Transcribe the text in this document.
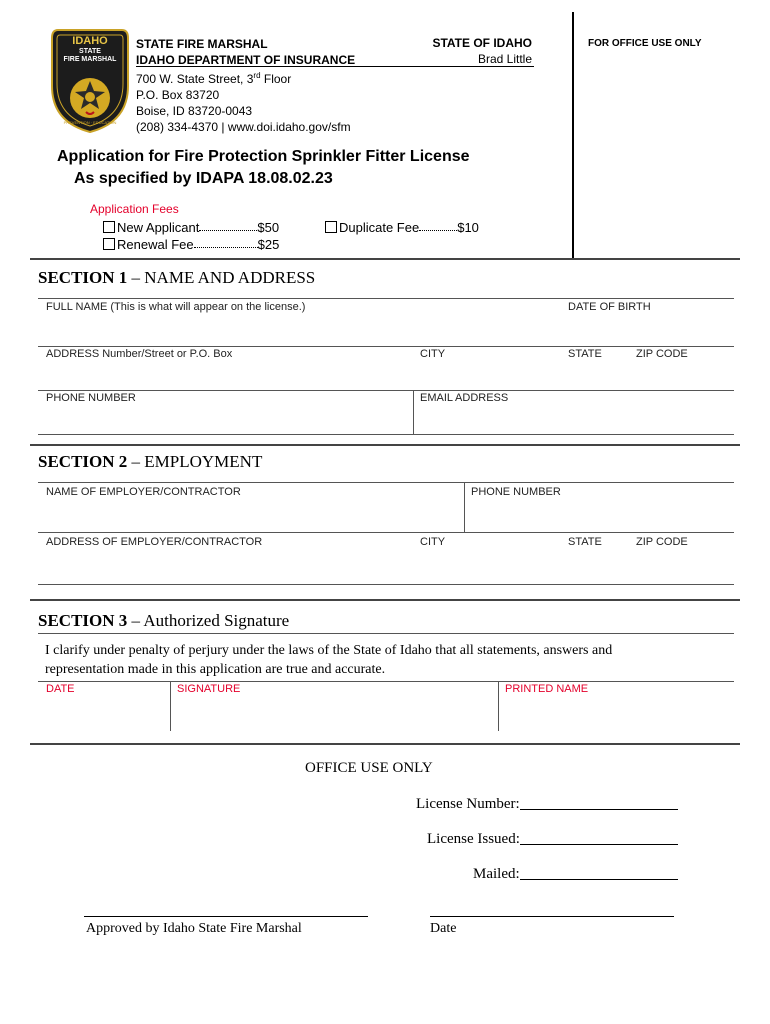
IDAHO
STATE
FIRE MARSHAL
PREVENTION · EDUCATION
STATE FIRE MARSHAL
IDAHO DEPARTMENT OF INSURANCE
700 W. State Street, 3rd Floor
P.O. Box 83720
Boise, ID 83720-0043
(208) 334-4370 | www.doi.idaho.gov/sfm
STATE OF IDAHO
Brad Little
FOR OFFICE USE ONLY
Application for Fire Protection Sprinkler Fitter License
As specified by IDAPA 18.08.02.23
Application Fees
New Applicant	$50
Renewal Fee	$25
Duplicate Fee	$10
SECTION 1 – NAME AND ADDRESS
FULL NAME (This is what will appear on the license.)	DATE OF BIRTH
ADDRESS Number/Street or P.O. Box	CITY	STATE	ZIP CODE
PHONE NUMBER	EMAIL ADDRESS
SECTION 2 – EMPLOYMENT
NAME OF EMPLOYER/CONTRACTOR	PHONE NUMBER
ADDRESS OF EMPLOYER/CONTRACTOR	CITY	STATE	ZIP CODE
SECTION 3 – Authorized Signature
I clarify under penalty of perjury under the laws of the State of Idaho that all statements, answers and
representation made in this application are true and accurate.
DATE	SIGNATURE	PRINTED NAME
OFFICE USE ONLY
License Number:
License Issued:
Mailed:
Approved by Idaho State Fire Marshal	Date
